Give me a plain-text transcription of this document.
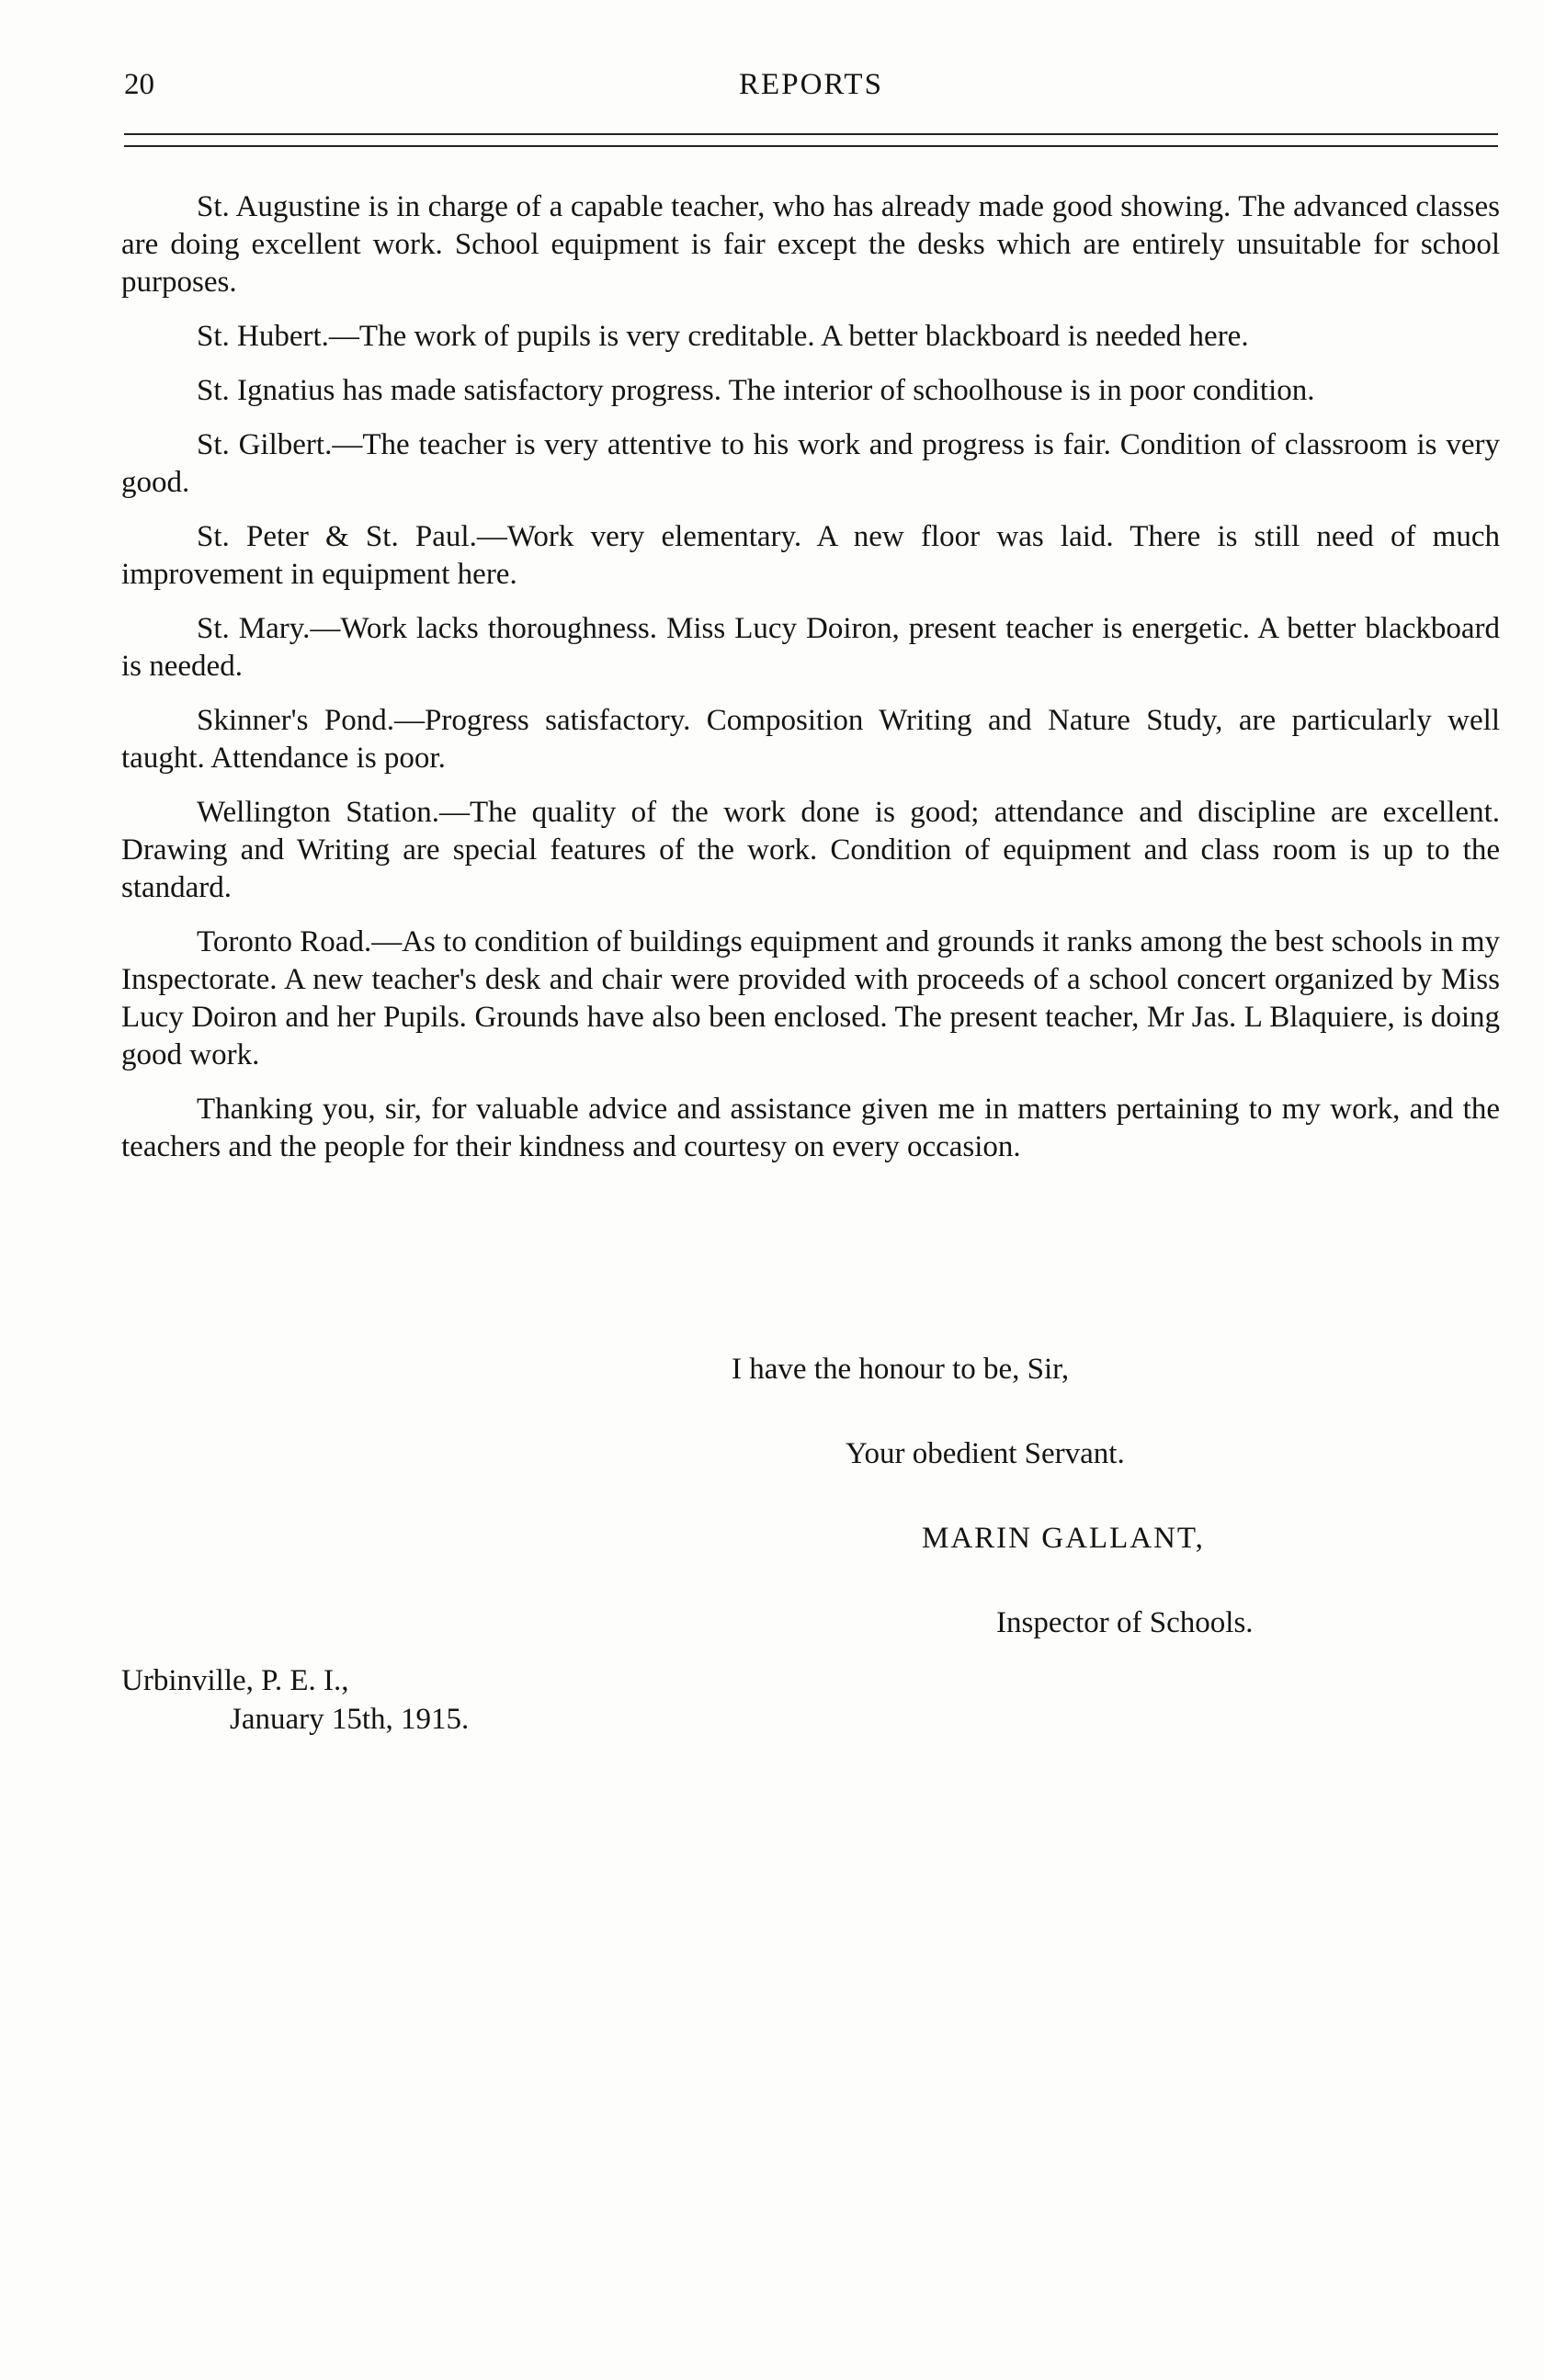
20	REPORTS

St. Augustine is in charge of a capable teacher, who has already made good showing. The advanced classes are doing excellent work. School equipment is fair except the desks which are entirely unsuitable for school purposes.

St. Hubert.—The work of pupils is very creditable. A better blackboard is needed here.

St. Ignatius has made satisfactory progress. The interior of schoolhouse is in poor condition.

St. Gilbert.—The teacher is very attentive to his work and progress is fair. Condition of classroom is very good.

St. Peter & St. Paul.—Work very elementary. A new floor was laid. There is still need of much improvement in equipment here.

St. Mary.—Work lacks thoroughness. Miss Lucy Doiron, present teacher is energetic. A better blackboard is needed.

Skinner's Pond.—Progress satisfactory. Composition Writing and Nature Study, are particularly well taught. Attendance is poor.

Wellington Station.—The quality of the work done is good; attendance and discipline are excellent. Drawing and Writing are special features of the work. Condition of equipment and class room is up to the standard.

Toronto Road.—As to condition of buildings equipment and grounds it ranks among the best schools in my Inspectorate. A new teacher's desk and chair were provided with proceeds of a school concert organized by Miss Lucy Doiron and her Pupils. Grounds have also been enclosed. The present teacher, Mr Jas. L Blaquiere, is doing good work.

Thanking you, sir, for valuable advice and assistance given me in matters pertaining to my work, and the teachers and the people for their kindness and courtesy on every occasion.

I have the honour to be, Sir,
Your obedient Servant.
MARIN GALLANT,
Inspector of Schools.
Urbinville, P. E. I.,
January 15th, 1915.
